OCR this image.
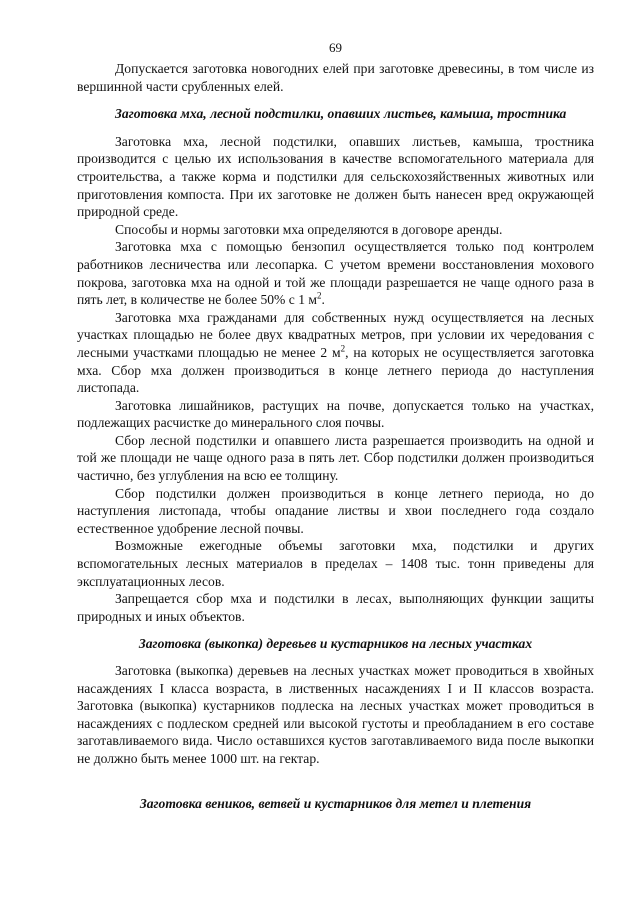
69

Допускается заготовка новогодних елей при заготовке древесины, в том числе из вершинной части срубленных елей.

Заготовка мха, лесной подстилки, опавших листьев, камыша, тростника

Заготовка мха, лесной подстилки, опавших листьев, камыша, тростника производится с целью их использования в качестве вспомогательного материала для строительства, а также корма и подстилки для сельскохозяйственных животных или приготовления компоста. При их заготовке не должен быть нанесен вред окружающей природной среде.

Способы и нормы заготовки мха определяются в договоре аренды.

Заготовка мха с помощью бензопил осуществляется только под контролем работников лесничества или лесопарка. С учетом времени восстановления мохового покрова, заготовка мха на одной и той же площади разрешается не чаще одного раза в пять лет, в количестве не более 50% с 1 $м^2$.

Заготовка мха гражданами для собственных нужд осуществляется на лесных участках площадью не более двух квадратных метров, при условии их чередования с лесными участками площадью не менее 2 $м^2$, на которых не осуществляется заготовка мха. Сбор мха должен производиться в конце летнего периода до наступления листопада.

Заготовка лишайников, растущих на почве, допускается только на участках, подлежащих расчистке до минерального слоя почвы.

Сбор лесной подстилки и опавшего листа разрешается производить на одной и той же площади не чаще одного раза в пять лет. Сбор подстилки должен производиться частично, без углубления на всю ее толщину.

Сбор подстилки должен производиться в конце летнего периода, но до наступления листопада, чтобы опадание листвы и хвои последнего года создало естественное удобрение лесной почвы.

Возможные ежегодные объемы заготовки мха, подстилки и других вспомогательных лесных материалов в пределах – 1408 тыс. тонн приведены для эксплуатационных лесов.

Запрещается сбор мха и подстилки в лесах, выполняющих функции защиты природных и иных объектов.

Заготовка (выкопка) деревьев и кустарников на лесных участках

Заготовка (выкопка) деревьев на лесных участках может проводиться в хвойных насаждениях I класса возраста, в лиственных насаждениях I и II классов возраста. Заготовка (выкопка) кустарников подлеска на лесных участках может проводиться в насаждениях с подлеском средней или высокой густоты и преобладанием в его составе заготавливаемого вида. Число оставшихся кустов заготавливаемого вида после выкопки не должно быть менее 1000 шт. на гектар.

Заготовка веников, ветвей и кустарников для метел и плетения
